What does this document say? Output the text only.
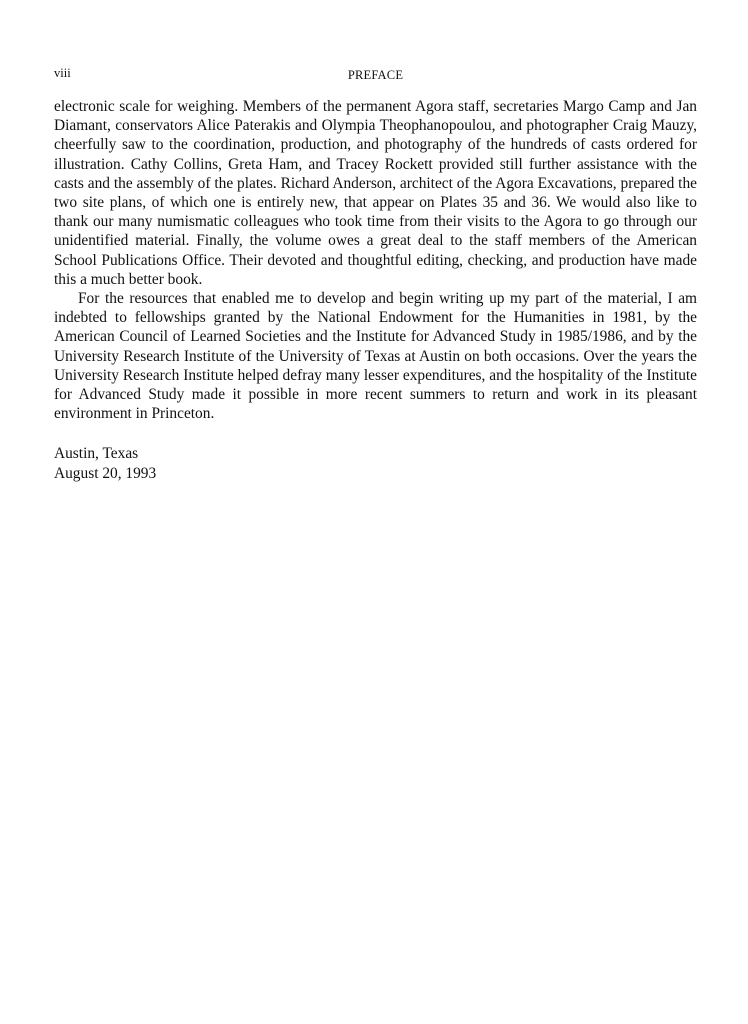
viii	PREFACE

electronic scale for weighing. Members of the permanent Agora staff, secretaries Margo Camp and Jan Diamant, conservators Alice Paterakis and Olympia Theophanopoulou, and photographer Craig Mauzy, cheerfully saw to the coordination, production, and photography of the hundreds of casts ordered for illustration. Cathy Collins, Greta Ham, and Tracey Rockett provided still further assistance with the casts and the assembly of the plates. Richard Anderson, architect of the Agora Excavations, prepared the two site plans, of which one is entirely new, that appear on Plates 35 and 36. We would also like to thank our many numismatic colleagues who took time from their visits to the Agora to go through our unidentified material. Finally, the volume owes a great deal to the staff members of the American School Publications Office. Their devoted and thoughtful editing, checking, and production have made this a much better book.

For the resources that enabled me to develop and begin writing up my part of the material, I am indebted to fellowships granted by the National Endowment for the Humanities in 1981, by the American Council of Learned Societies and the Institute for Advanced Study in 1985/1986, and by the University Research Institute of the University of Texas at Austin on both occasions. Over the years the University Research Institute helped defray many lesser expenditures, and the hospitality of the Institute for Advanced Study made it possible in more recent summers to return and work in its pleasant environment in Princeton.

Austin, Texas
August 20, 1993
